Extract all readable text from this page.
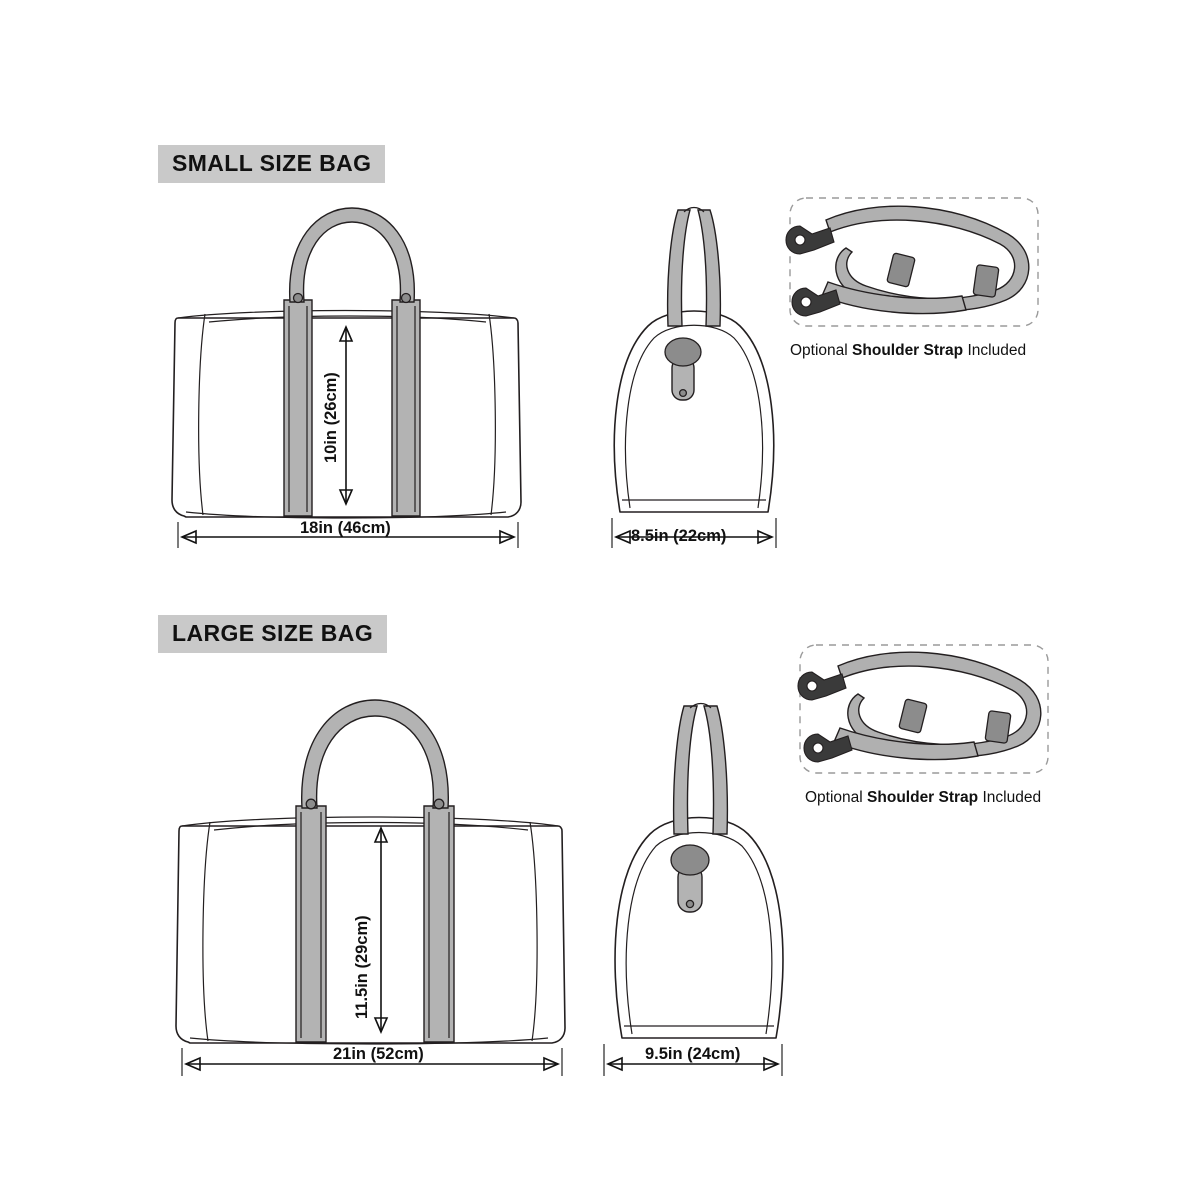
SMALL SIZE BAG
LARGE SIZE BAG
18in (46cm)
10in (26cm)
8.5in (22cm)
21in (52cm)
11.5in (29cm)
9.5in (24cm)
Optional Shoulder Strap Included
Optional Shoulder Strap Included
